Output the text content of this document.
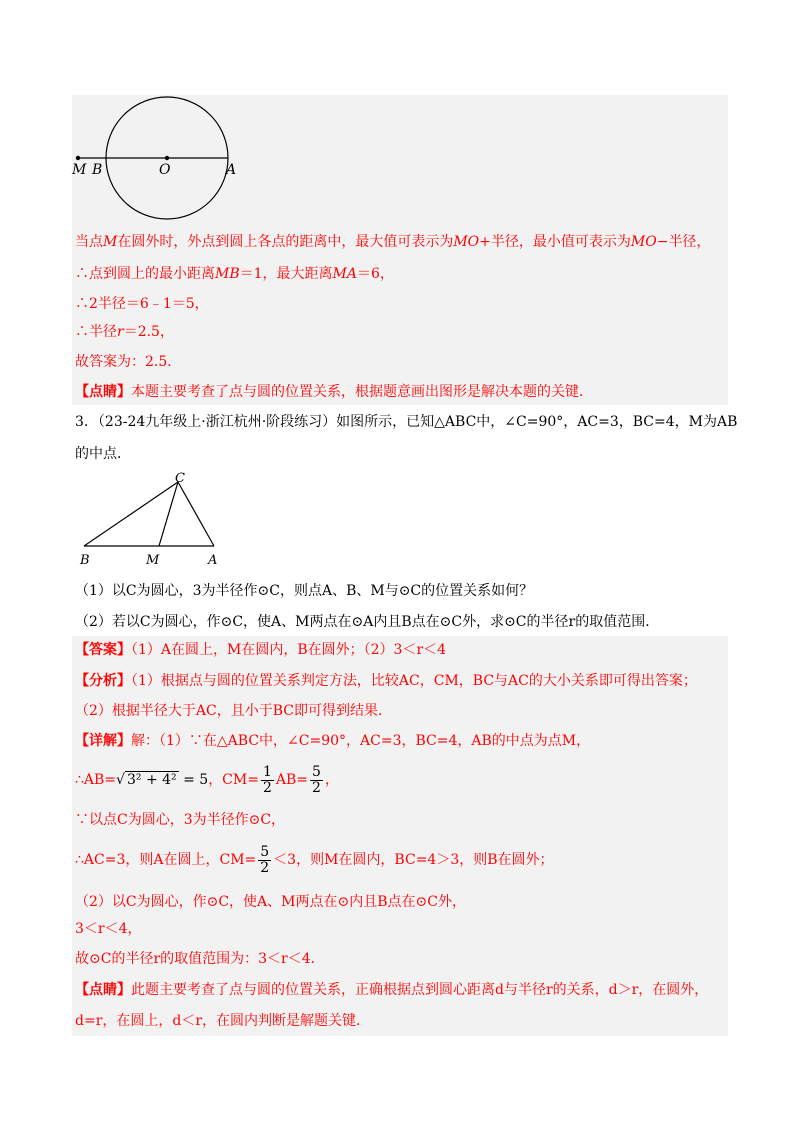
M B	O	A
当点M在圆外时，外点到圆上各点的距离中，最大值可表示为MO+半径，最小值可表示为MO−半径，
∴点到圆上的最小距离MB＝1，最大距离MA＝6，
∴2半径＝6﹣1＝5，
∴半径r＝2.5，
故答案为：2.5．
【点睛】本题主要考查了点与圆的位置关系，根据题意画出图形是解决本题的关键．
3．（23-24九年级上·浙江杭州·阶段练习）如图所示，已知△ABC中，∠C=90°，AC=3，BC=4，M为AB
的中点．
C
B	M	A
（1）以C为圆心，3为半径作⊙C，则点A、B、M与⊙C的位置关系如何？
（2）若以C为圆心，作⊙C，使A、M两点在⊙A内且B点在⊙C外，求⊙C的半径r的取值范围．
【答案】（1）A在圆上，M在圆内，B在圆外；（2）3＜r＜4
【分析】（1）根据点与圆的位置关系判定方法，比较AC，CM，BC与AC的大小关系即可得出答案；
（2）根据半径大于AC，且小于BC即可得到结果．
【详解】解：（1）∵在△ABC中，∠C=90°，AC=3，BC=4，AB的中点为点M，
∴AB=√ 3² + 4² = 5，$CM= \frac{1}{2} AB= \frac{5}{2}$ ，
∵以点C为圆心，3为半径作⊙C，
∴AC=3，则A在圆上，$CM= \frac{5}{2} <3$，则M在圆内，BC=4＞3，则B在圆外；
（2）以C为圆心，作⊙C，使A、M两点在⊙内且B点在⊙C外，
3＜r＜4，
故⊙C的半径r的取值范围为：3＜r＜4．
【点睛】此题主要考查了点与圆的位置关系，正确根据点到圆心距离d与半径r的关系，d＞r，在圆外，
d=r，在圆上，d＜r，在圆内判断是解题关键．
